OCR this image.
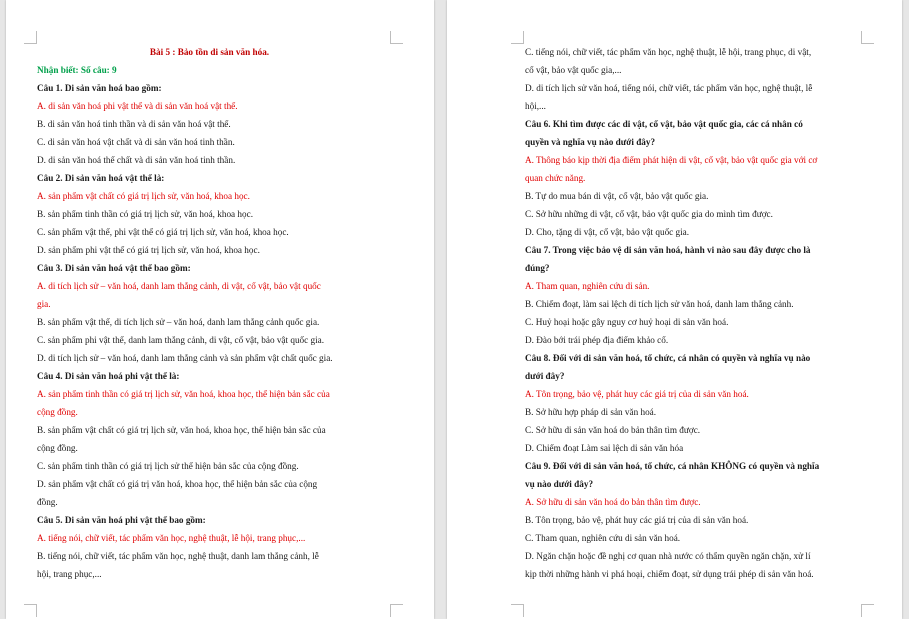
Bài 5 : Bảo tồn di sản văn hóa.

Nhận biết: Số câu: 9

Câu 1. Di sản văn hoá bao gồm:

A. di sản văn hoá phi vật thể và di sản văn hoá vật thể.

B. di sản văn hoá tinh thần và di sản văn hoá vật thể.

C. di sản văn hoá vật chất và di sản văn hoá tinh thần.

D. di sản văn hoá thể chất và di sản văn hoá tinh thần.

Câu 2. Di sản văn hoá vật thể là:

A. sản phẩm vật chất có giá trị lịch sử, văn hoá, khoa học.

B. sản phẩm tinh thần có giá trị lịch sử, văn hoá, khoa học.

C. sản phẩm vật thể, phi vật thể có giá trị lịch sử, văn hoá, khoa học.

D. sản phẩm phi vật thể có giá trị lịch sử, văn hoá, khoa học.

Câu 3. Di sản văn hoá vật thể bao gồm:

A. di tích lịch sử – văn hoá, danh lam thắng cảnh, di vật, cổ vật, bảo vật quốc

gia.

B. sản phẩm vật thể, di tích lịch sử – văn hoá, danh lam thắng cảnh quốc gia.

C. sản phẩm phi vật thể, danh lam thắng cảnh, di vật, cổ vật, bảo vật quốc gia.

D. di tích lịch sử – văn hoá, danh lam thắng cảnh và sản phẩm vật chất quốc gia.

Câu 4. Di sản văn hoá phi vật thể là:

A. sản phẩm tinh thần có giá trị lịch sử, văn hoá, khoa học, thể hiện bản sắc của

cộng đồng.

B. sản phẩm vật chất có giá trị lịch sử, văn hoá, khoa học, thể hiện bản sắc của

cộng đồng.

C. sản phẩm tinh thần có giá trị lịch sử thể hiện bản sắc của cộng đồng.

D. sản phẩm vật chất có giá trị văn hoá, khoa học, thể hiện bản sắc của cộng

đồng.

Câu 5. Di sản văn hoá phi vật thể bao gồm:

A. tiếng nói, chữ viết, tác phẩm văn học, nghệ thuật, lễ hội, trang phục,...

B. tiếng nói, chữ viết, tác phẩm văn học, nghệ thuật, danh lam thắng cảnh, lễ

hội, trang phục,...

C. tiếng nói, chữ viết, tác phẩm văn học, nghệ thuật, lễ hội, trang phục, di vật,

cổ vật, bảo vật quốc gia,...

D. di tích lịch sử văn hoá, tiếng nói, chữ viết, tác phẩm văn học, nghệ thuật, lễ

hội,...

Câu 6. Khi tìm được các di vật, cổ vật, bảo vật quốc gia, các cá nhân có

quyền và nghĩa vụ nào dưới đây?

A. Thông báo kịp thời địa điểm phát hiện di vật, cổ vật, bảo vật quốc gia với cơ

quan chức năng.

B. Tự do mua bán di vật, cổ vật, bảo vật quốc gia.

C. Sở hữu những di vật, cổ vật, bảo vật quốc gia do mình tìm được.

D. Cho, tặng di vật, cổ vật, bảo vật quốc gia.

Câu 7. Trong việc bảo vệ di sản văn hoá, hành vi nào sau đây được cho là

đúng?

A. Tham quan, nghiên cứu di sản.

B. Chiếm đoạt, làm sai lệch di tích lịch sử văn hoá, danh lam thắng cảnh.

C. Huỷ hoại hoặc gây nguy cơ huỷ hoại di sản văn hoá.

D. Đào bới trái phép địa điểm khảo cổ.

Câu 8. Đối với di sản văn hoá, tổ chức, cá nhân có quyền và nghĩa vụ nào

dưới đây?

A. Tôn trọng, bảo vệ, phát huy các giá trị của di sản văn hoá.

B. Sở hữu hợp pháp di sản văn hoá.

C. Sở hữu di sản văn hoá do bản thân tìm được.

D. Chiếm đoạt Làm sai lệch di sản văn hóa

Câu 9. Đối với di sản văn hoá, tổ chức, cá nhân KHÔNG có quyền và nghĩa

vụ nào dưới đây?

A. Sở hữu di sản văn hoá do bản thân tìm được.

B. Tôn trọng, bảo vệ, phát huy các giá trị của di sản văn hoá.

C. Tham quan, nghiên cứu di sản văn hoá.

D. Ngăn chặn hoặc đề nghị cơ quan nhà nước có thẩm quyền ngăn chặn, xử lí

kịp thời những hành vi phá hoại, chiếm đoạt, sử dụng trái phép di sản văn hoá.
